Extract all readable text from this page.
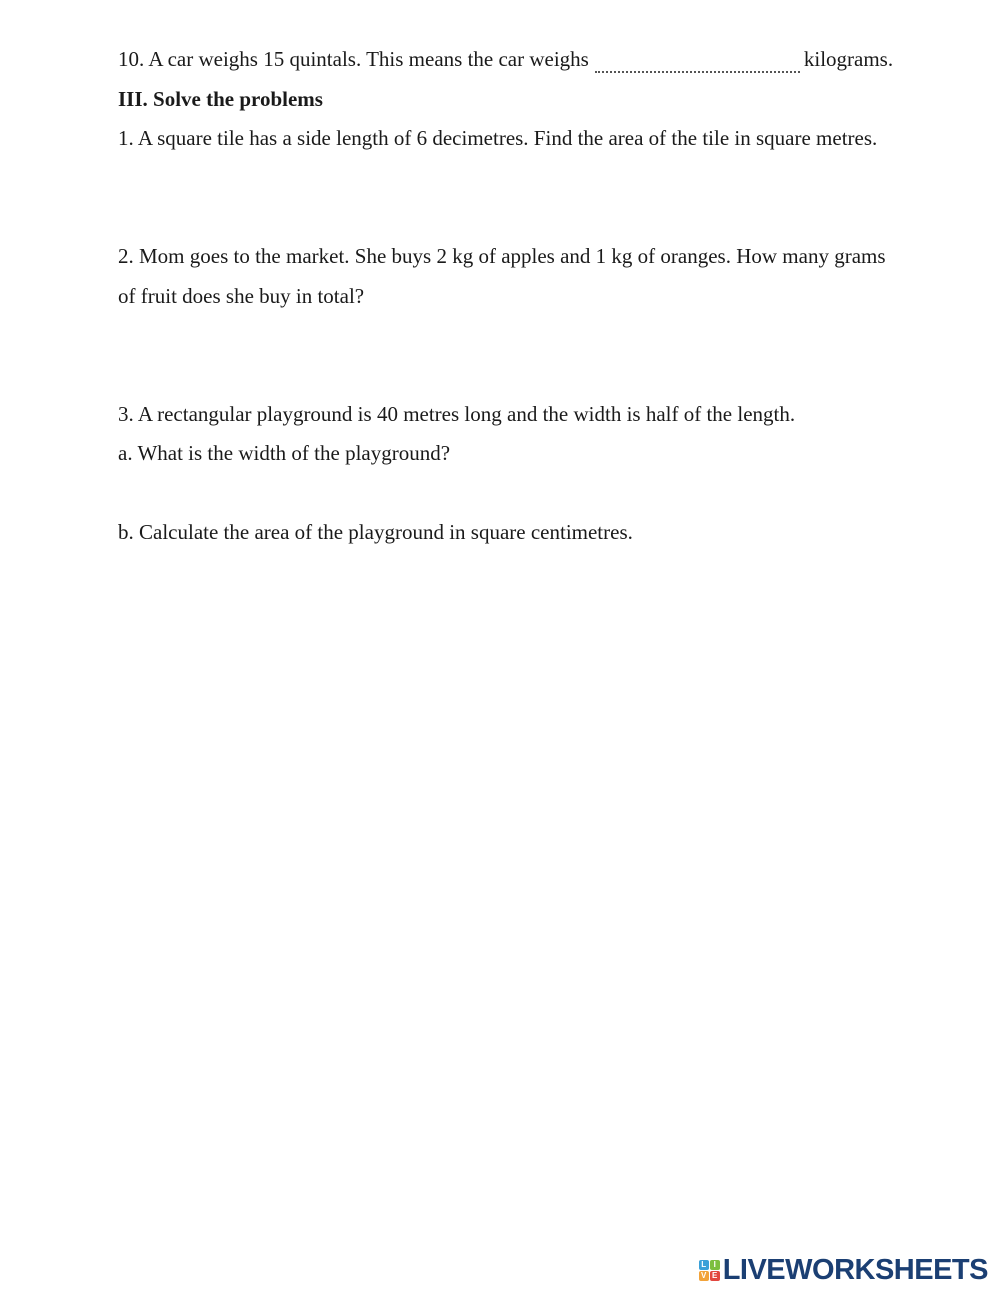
10. A car weighs 15 quintals. This means the car weighs	kilograms.
III. Solve the problems
1. A square tile has a side length of 6 decimetres. Find the area of the tile in square metres.
2. Mom goes to the market. She buys 2 kg of apples and 1 kg of oranges. How many grams
of fruit does she buy in total?
3. A rectangular playground is 40 metres long and the width is half of the length.
a. What is the width of the playground?
b. Calculate the area of the playground in square centimetres.
L I
V E LIVEWORKSHEETS
